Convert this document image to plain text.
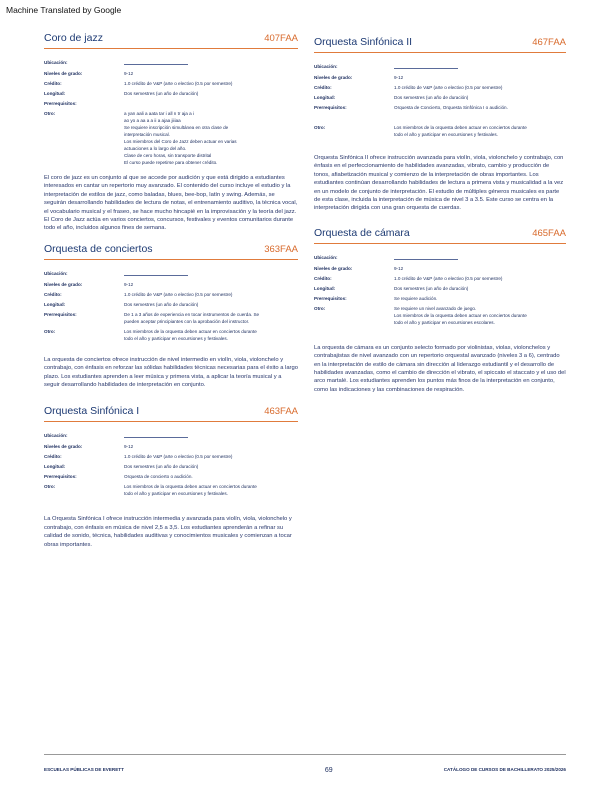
Machine Translated by Google
Coro de jazz	407FAA
Ubicación:
Niveles de grado:	9-12
Crédito:	1.0 crédito de V&P (arte o electivo (0.5 por semestre)
Longitud:	Dos semestres (un año de duración)
Prerrequisitos:
Otro:	a yan aali a aata tar i all n tr aja a i
ao yo a aa a a ii a ajaa jiiiaa
Se requiere inscripción simultánea en otra clase de
interpretación musical.
Los miembros del Coro de Jazz deben actuar en varias
actuaciones a lo largo del año.
Clase de cero horas, sin transporte distrital
El curso puede repetirse para obtener crédito.
El coro de jazz es un conjunto al que se accede por audición y que está dirigido a estudiantes interesados en cantar un repertorio muy avanzado. El contenido del curso incluye el estudio y la interpretación de estilos de jazz, como baladas, blues, bee-bop, latín y swing. Además, se seguirán desarrollando habilidades de lectura de notas, el entrenamiento auditivo, la técnica vocal, el vocabulario musical y el fraseo, se hace mucho hincapié en la improvisación y la teoría del jazz. El Coro de Jazz actúa en varios conciertos, concursos, festivales y eventos comunitarios durante todo el año, incluidos algunos fines de semana.
Orquesta de conciertos	363FAA
Ubicación:
Niveles de grado:	9-12
Crédito:	1.0 crédito de V&P (arte o electivo (0.5 por semestre)
Longitud:	Dos semestres (un año de duración)
Prerrequisitos:	De 1 a 3 años de experiencia en tocar instrumentos de cuerda. Se
pueden aceptar principiantes con la aprobación del instructor.
Otro:	Los miembros de la orquesta deben actuar en conciertos durante
todo el año y participar en excursiones y festivales.
La orquesta de conciertos ofrece instrucción de nivel intermedio en violín, viola, violonchelo y contrabajo, con énfasis en reforzar las sólidas habilidades técnicas necesarias para el éxito a largo plazo. Los estudiantes aprenden a leer música y primera vista, a aplicar la teoría musical y a seguir desarrollando habilidades de interpretación en conjunto.
Orquesta Sinfónica I	463FAA
Ubicación:
Niveles de grado:	9-12
Crédito:	1.0 crédito de V&P (arte o electivo (0.5 por semestre)
Longitud:	Dos semestres (un año de duración)
Prerrequisitos:	Orquesta de concierto o audición.
Otro:	Los miembros de la orquesta deben actuar en conciertos durante
todo el año y participar en excursiones y festivales.
La Orquesta Sinfónica I ofrece instrucción intermedia y avanzada para violín, viola, violonchelo y contrabajo, con énfasis en música de nivel 2,5 a 3,5. Los estudiantes aprenderán a refinar su calidad de sonido, técnica, habilidades auditivas y conocimientos musicales y comienzan a tocar obras importantes.
Orquesta Sinfónica II	467FAA
Ubicación:
Niveles de grado:	9-12
Crédito:	1.0 crédito de V&P (arte o electivo (0.5 por semestre)
Longitud:	Dos semestres (un año de duración)
Prerrequisitos:	Orquesta de Concierto, Orquesta Sinfónica I o audición.
Otro:	Los miembros de la orquesta deben actuar en conciertos durante
todo el año y participar en excursiones y festivales.
Orquesta Sinfónica II ofrece instrucción avanzada para violín, viola, violonchelo y contrabajo, con énfasis en el perfeccionamiento de habilidades avanzadas, vibrato, cambio y producción de tonos, afiabetización musical y comienzo de la interpretación de obras importantes. Los estudiantes continúan desarrollando habilidades de lectura a primera vista y musicalidad a la vez en un modelo de conjunto de interpretación. El estudio de múltiples géneros musicales es parte de esta clase, incluida la interpretación de música de nivel 3 a 3.5. Este curso se centra en la interpretación dirigida con una gran orquesta de cuerdas.
Orquesta de cámara	465FAA
Ubicación:
Niveles de grado:	9-12
Crédito:	1.0 crédito de V&P (arte o electivo (0.5 por semestre)
Longitud:	Dos semestres (un año de duración)
Prerrequisitos:	Se requiere audición.
Otro:	Se requiere un nivel avanzado de juego.
Los miembros de la orquesta deben actuar en conciertos durante
todo el año y participar en excursiones escolares.
La orquesta de cámara es un conjunto selecto formado por violinistas, violas, violonchelos y contrabajistas de nivel avanzado con un repertorio orquestal avanzado (niveles 3 a 6), centrado en la interpretación de estilo de cámara sin dirección al liderazgo estudiantil y el desarrollo de habilidades avanzadas, como el cambio de dirección el vibrato, el spiccato el staccato y el uso del arco martalé. Los estudiantes aprenden los puntos más finos de la interpretación en conjunto, como las indicaciones y las combinaciones de respiración.
ESCUELAS PÚBLICAS DE EVERETT	69	CATÁLOGO DE CURSOS DE BACHILLERATO 2025/2026
